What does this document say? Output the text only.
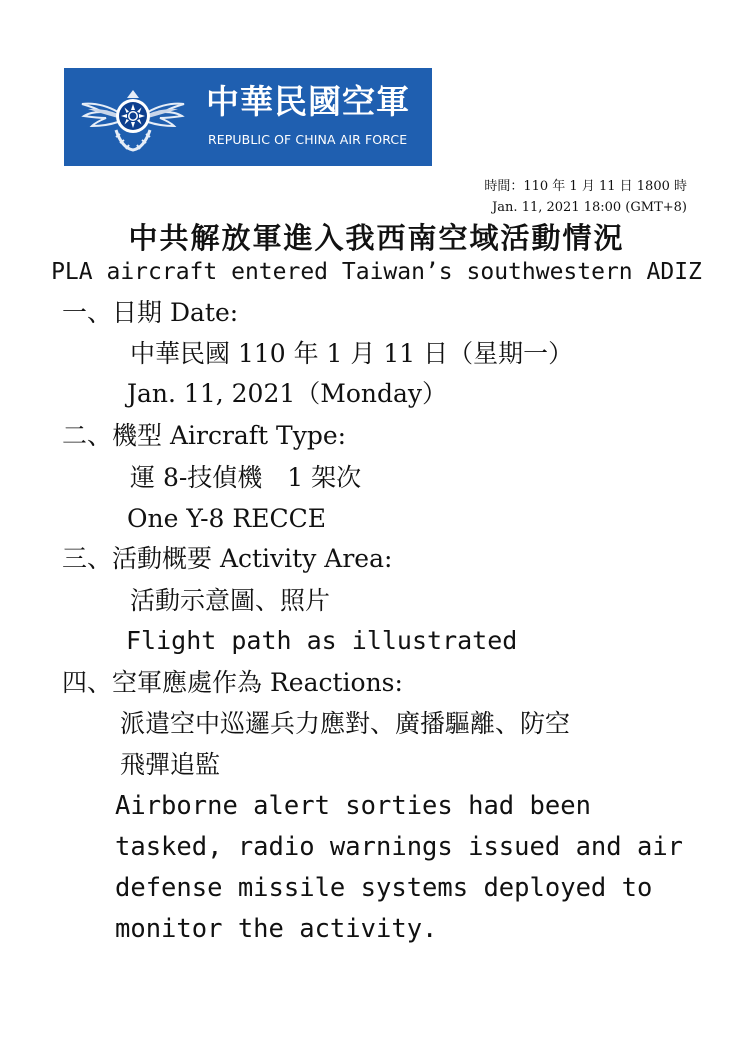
中華民國空軍
REPUBLIC OF CHINA AIR FORCE
時間：110 年 1 月 11 日 1800 時
Jan. 11, 2021 18:00 (GMT+8)
中共解放軍進入我西南空域活動情況
PLA aircraft entered Taiwan’s southwestern ADIZ
一、日期 Date:
中華民國 110 年 1 月 11 日（星期一）
Jan. 11, 2021（Monday）
二、機型 Aircraft Type:
運 8-技偵機　1 架次
One Y-8 RECCE
三、活動概要 Activity Area:
活動示意圖、照片
Flight path as illustrated
四、空軍應處作為 Reactions:
派遣空中巡邏兵力應對、廣播驅離、防空
飛彈追監
Airborne alert sorties had been
tasked, radio warnings issued and air
defense missile systems deployed to
monitor the activity.
